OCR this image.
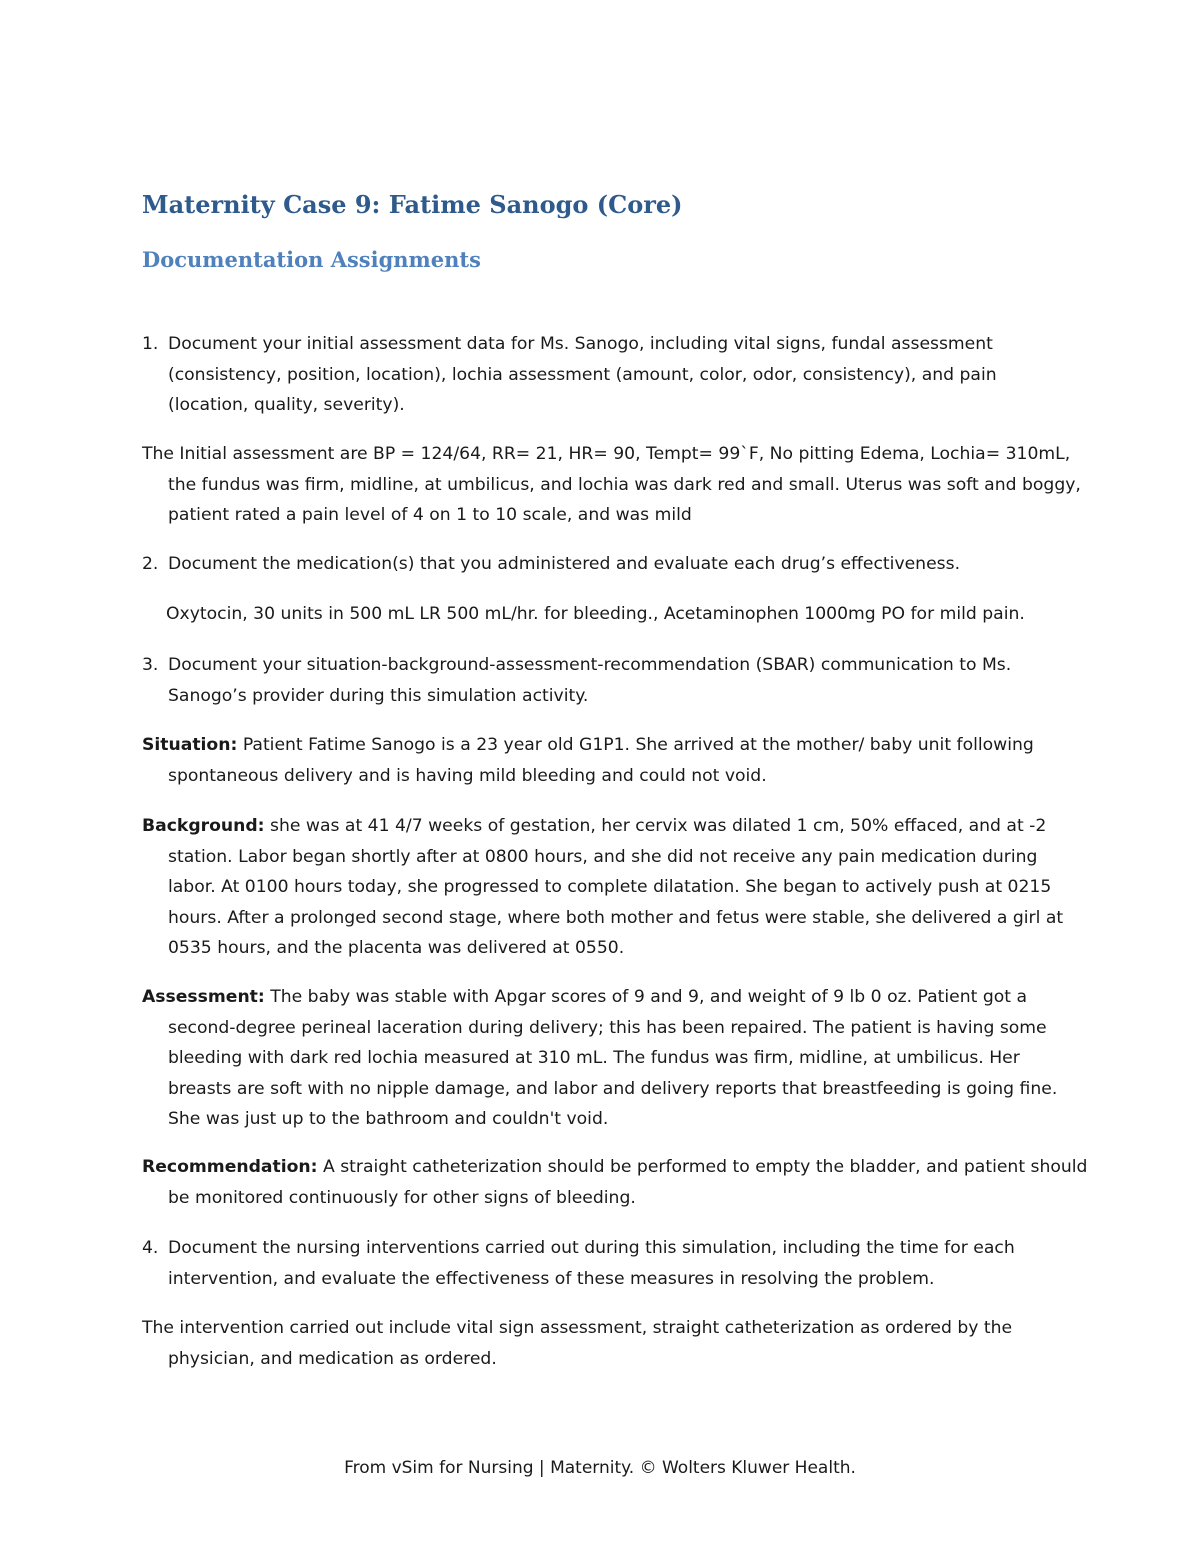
Maternity Case 9: Fatime Sanogo (Core)
Documentation Assignments
1. Document your initial assessment data for Ms. Sanogo, including vital signs, fundal assessment (consistency, position, location), lochia assessment (amount, color, odor, consistency), and pain (location, quality, severity).
The Initial assessment are BP = 124/64, RR= 21, HR= 90, Tempt= 99`F, No pitting Edema, Lochia= 310mL, the fundus was firm, midline, at umbilicus, and lochia was dark red and small. Uterus was soft and boggy, patient rated a pain level of 4 on 1 to 10 scale, and was mild
2. Document the medication(s) that you administered and evaluate each drug’s effectiveness.
Oxytocin, 30 units in 500 mL LR 500 mL/hr. for bleeding., Acetaminophen 1000mg PO for mild pain.
3. Document your situation-background-assessment-recommendation (SBAR) communication to Ms. Sanogo’s provider during this simulation activity.
Situation: Patient Fatime Sanogo is a 23 year old G1P1. She arrived at the mother/ baby unit following spontaneous delivery and is having mild bleeding and could not void.
Background: she was at 41 4/7 weeks of gestation, her cervix was dilated 1 cm, 50% effaced, and at -2 station. Labor began shortly after at 0800 hours, and she did not receive any pain medication during labor. At 0100 hours today, she progressed to complete dilatation. She began to actively push at 0215 hours. After a prolonged second stage, where both mother and fetus were stable, she delivered a girl at 0535 hours, and the placenta was delivered at 0550.
Assessment: The baby was stable with Apgar scores of 9 and 9, and weight of 9 lb 0 oz. Patient got a second-degree perineal laceration during delivery; this has been repaired. The patient is having some bleeding with dark red lochia measured at 310 mL. The fundus was firm, midline, at umbilicus. Her breasts are soft with no nipple damage, and labor and delivery reports that breastfeeding is going fine. She was just up to the bathroom and couldn't void.
Recommendation: A straight catheterization should be performed to empty the bladder, and patient should be monitored continuously for other signs of bleeding.
4. Document the nursing interventions carried out during this simulation, including the time for each intervention, and evaluate the effectiveness of these measures in resolving the problem.
The intervention carried out include vital sign assessment, straight catheterization as ordered by the physician, and medication as ordered.
From vSim for Nursing | Maternity. © Wolters Kluwer Health.
